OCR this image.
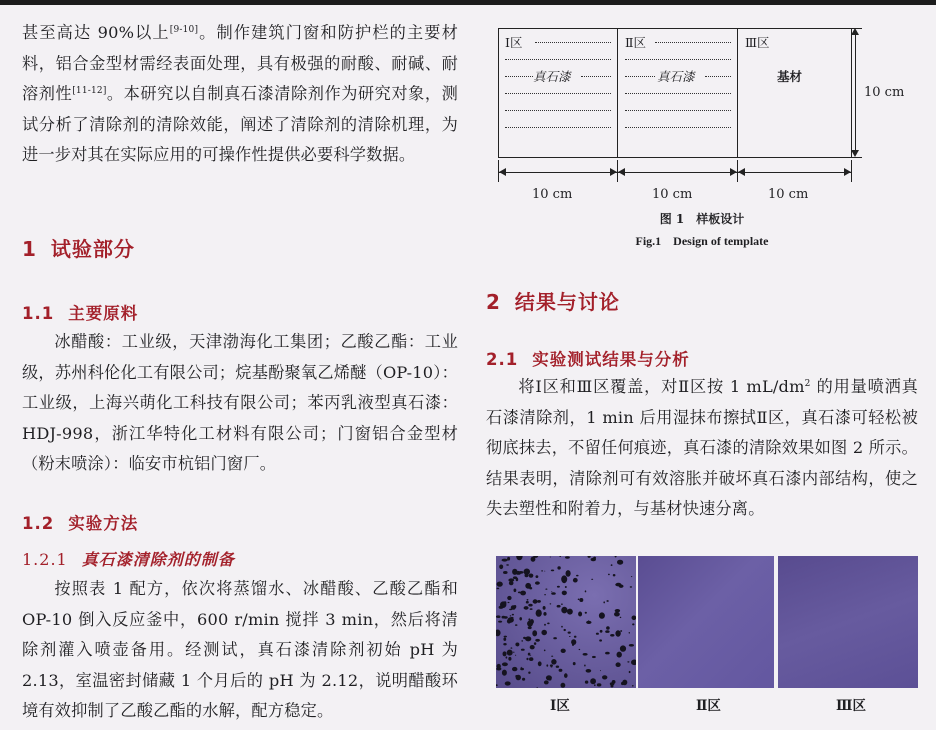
甚至高达 90%以上[9-10]。制作建筑门窗和防护栏的主要材料，铝合金型材需经表面处理，具有极强的耐酸、耐碱、耐溶剂性[11-12]。本研究以自制真石漆清除剂作为研究对象，测试分析了清除剂的清除效能，阐述了清除剂的清除机理，为进一步对其在实际应用的可操作性提供必要科学数据。

1 试验部分
1.1 主要原料

冰醋酸：工业级，天津渤海化工集团；乙酸乙酯：工业级，苏州科伦化工有限公司；烷基酚聚氧乙烯醚（OP-10）：工业级，上海兴萌化工科技有限公司；苯丙乳液型真石漆：HDJ-998，浙江华特化工材料有限公司；门窗铝合金型材（粉末喷涂）：临安市杭铝门窗厂。

1.2 实验方法
1.2.1 真石漆清除剂的制备

按照表 1 配方，依次将蒸馏水、冰醋酸、乙酸乙酯和 OP-10 倒入反应釜中，600 r/min 搅拌 3 min，然后将清除剂灌入喷壶备用。经测试，真石漆清除剂初始 pH 为 2.13，室温密封储藏 1 个月后的 pH 为 2.12，说明醋酸环境有效抑制了乙酸乙酯的水解，配方稳定。

Ⅰ区	Ⅱ区	Ⅲ区
真石漆	真石漆	基材
10 cm
10 cm	10 cm	10 cm
图 1　样板设计
Fig.1　Design of template
2 结果与讨论
2.1 实验测试结果与分析

将Ⅰ区和Ⅲ区覆盖，对Ⅱ区按 1 $mL/dm^2$ 的用量喷洒真石漆清除剂，1 min 后用湿抹布擦拭Ⅱ区，真石漆可轻松被彻底抹去，不留任何痕迹，真石漆的清除效果如图 2 所示。结果表明，清除剂可有效溶胀并破坏真石漆内部结构，使之失去塑性和附着力，与基材快速分离。

Ⅰ区	Ⅱ区	Ⅲ区
